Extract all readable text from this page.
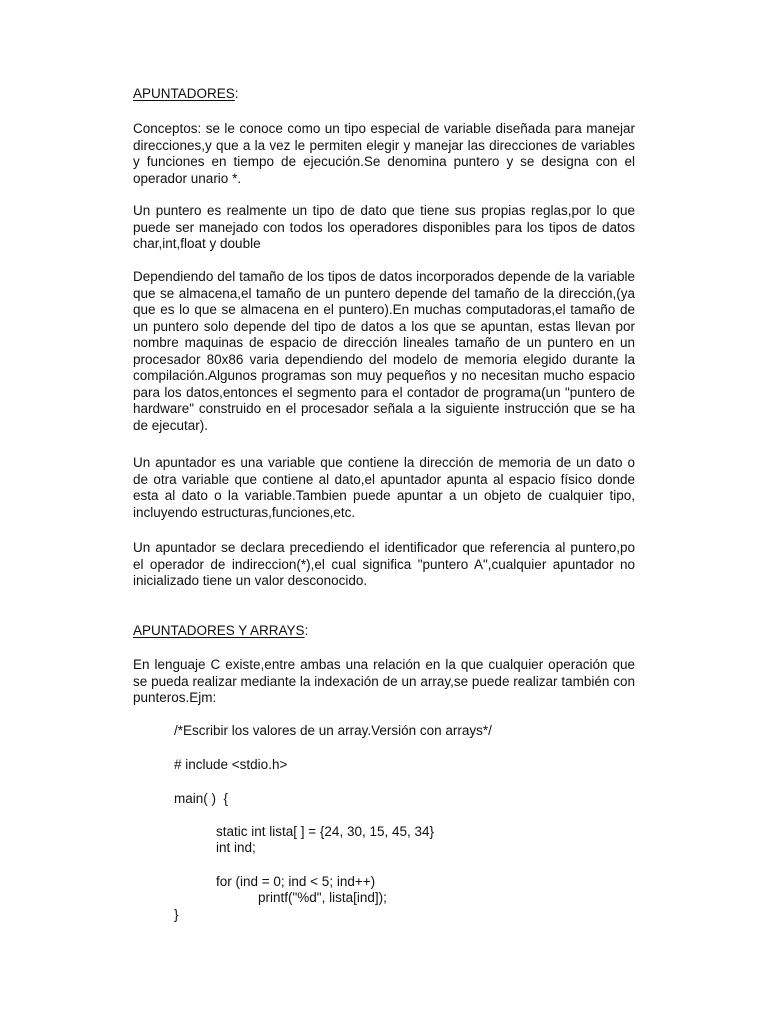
APUNTADORES:

Conceptos: se le conoce como un tipo especial de variable diseñada para manejar direcciones,y que a la vez le permiten elegir y manejar las direcciones de variables y funciones en tiempo de ejecución.Se denomina puntero y se designa con el operador unario *.

Un puntero es realmente un tipo de dato que tiene sus propias reglas,por lo que puede ser manejado con todos los operadores disponibles para los tipos de datos char,int,float y double

Dependiendo del tamaño de los tipos de datos incorporados depende de la variable que se almacena,el tamaño de un puntero depende del tamaño de la dirección,(ya que es lo que se almacena en el puntero).En muchas computadoras,el tamaño de un puntero solo depende del tipo de datos a los que se apuntan, estas llevan por nombre maquinas de espacio de dirección lineales tamaño de un puntero en un procesador 80x86 varia dependiendo del modelo de memoria elegido durante la compilación.Algunos programas son muy pequeños y no necesitan mucho espacio para los datos,entonces el segmento para el contador de programa(un "puntero de hardware" construido en el procesador señala a la siguiente instrucción que se ha de ejecutar).

Un apuntador es una variable que contiene la dirección de memoria de un dato o de otra variable que contiene al dato,el apuntador apunta al espacio físico donde esta al dato o la variable.Tambien puede apuntar a un objeto de cualquier tipo, incluyendo estructuras,funciones,etc.

Un apuntador se declara precediendo el identificador que referencia al puntero,po el operador de indireccion(*),el cual significa "puntero A",cualquier apuntador no inicializado tiene un valor desconocido.

APUNTADORES Y ARRAYS:

En lenguaje C existe,entre ambas una relación en la que cualquier operación que se pueda realizar mediante la indexación de un array,se puede realizar también con punteros.Ejm:

/*Escribir los valores de un array.Versión con arrays*/
# include <stdio.h>
main( )  {
static int lista[ ] = {24, 30, 15, 45, 34}
int ind;
for (ind = 0; ind < 5; ind++)
printf("%d", lista[ind]);
}
